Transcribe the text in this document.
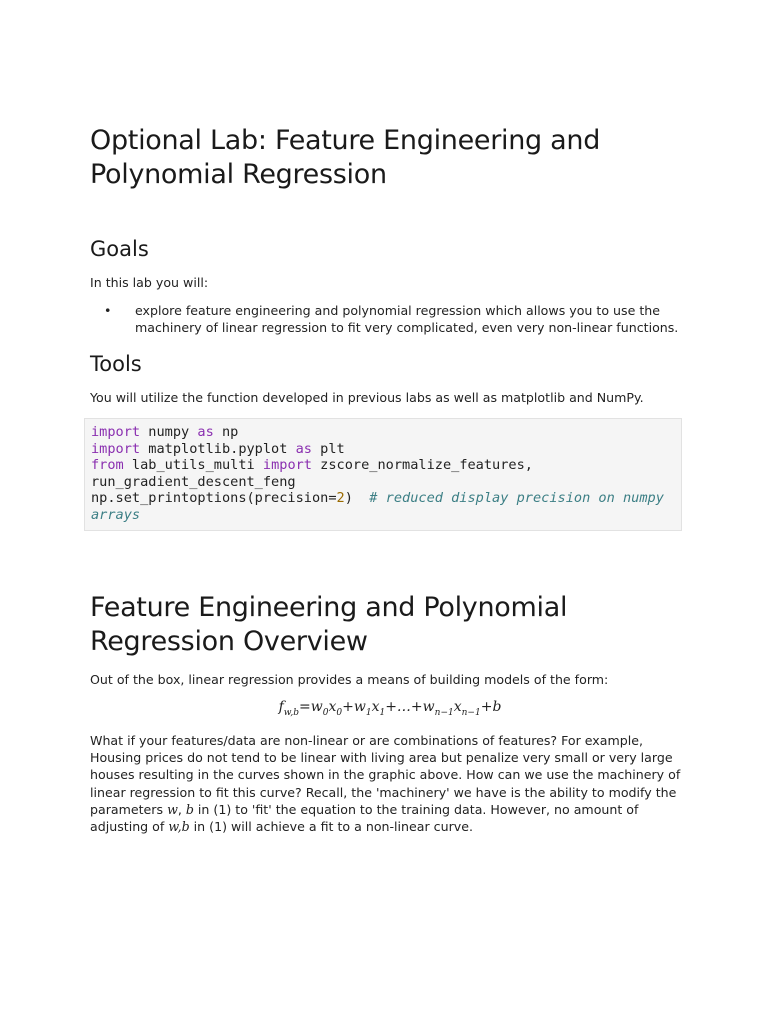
Optional Lab: Feature Engineering and Polynomial Regression
Goals

In this lab you will:

• explore feature engineering and polynomial regression which allows you to use the machinery of linear regression to fit very complicated, even very non-linear functions.
Tools

You will utilize the function developed in previous labs as well as matplotlib and NumPy.

import numpy as np
import matplotlib.pyplot as plt
from lab_utils_multi import zscore_normalize_features,
run_gradient_descent_feng
np.set_printoptions(precision=2)  # reduced display precision on numpy arrays
Feature Engineering and Polynomial Regression Overview

Out of the box, linear regression provides a means of building models of the form:

$f_{w,b}=w_0x_0+w_1x_1+\dots+w_{n-1}x_{n-1}+b$

What if your features/data are non-linear or are combinations of features? For example, Housing prices do not tend to be linear with living area but penalize very small or very large houses resulting in the curves shown in the graphic above. How can we use the machinery of linear regression to fit this curve? Recall, the 'machinery' we have is the ability to modify the parameters w, b in (1) to 'fit' the equation to the training data. However, no amount of adjusting of w,b in (1) will achieve a fit to a non-linear curve.
